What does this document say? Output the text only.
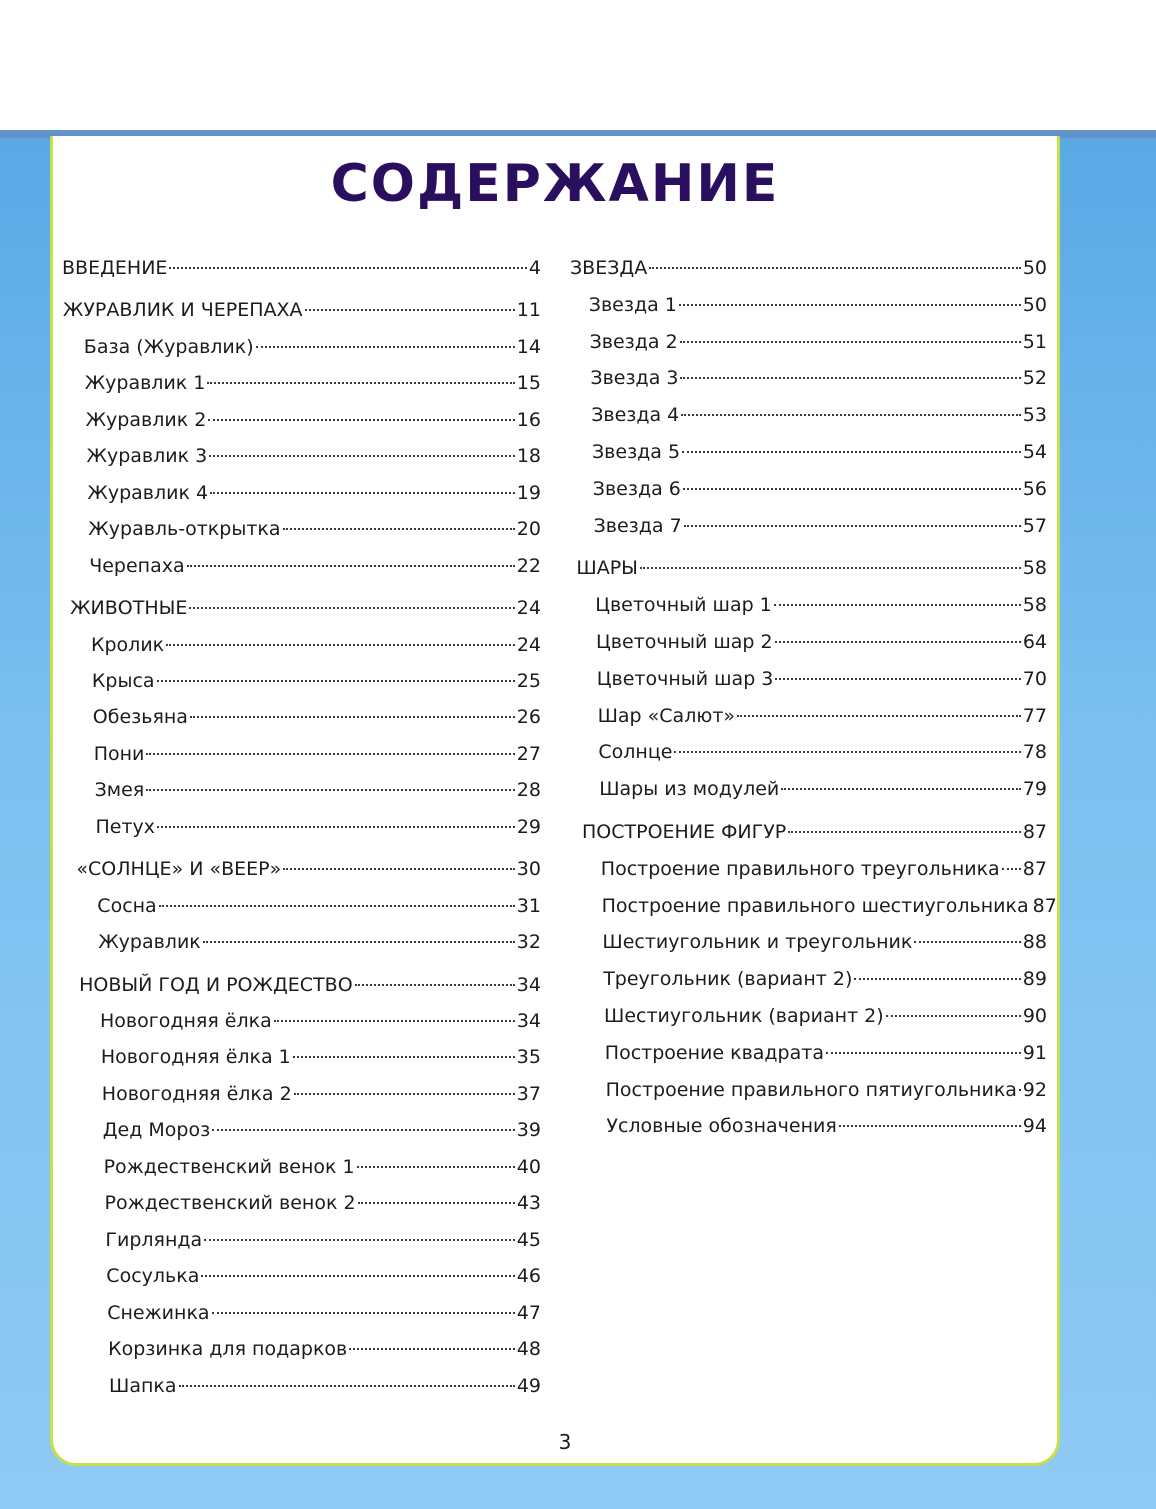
СОДЕРЖАНИЕ
ВВЕДЕНИЕ	4
ЖУРАВЛИК И ЧЕРЕПАХА	11
База (Журавлик)	14
Журавлик 1	15
Журавлик 2	16
Журавлик 3	18
Журавлик 4	19
Журавль-открытка	20
Черепаха	22
ЖИВОТНЫЕ	24
Кролик	24
Крыса	25
Обезьяна	26
Пони	27
Змея	28
Петух	29
«СОЛНЦЕ» И «ВЕЕР»	30
Сосна	31
Журавлик	32
НОВЫЙ ГОД И РОЖДЕСТВО	34
Новогодняя ёлка	34
Новогодняя ёлка 1	35
Новогодняя ёлка 2	37
Дед Мороз	39
Рождественский венок 1	40
Рождественский венок 2	43
Гирлянда	45
Сосулька	46
Снежинка	47
Корзинка для подарков	48
Шапка	49
ЗВЕЗДА	50
Звезда 1	50
Звезда 2	51
Звезда 3	52
Звезда 4	53
Звезда 5	54
Звезда 6	56
Звезда 7	57
ШАРЫ	58
Цветочный шар 1	58
Цветочный шар 2	64
Цветочный шар 3	70
Шар «Салют»	77
Солнце	78
Шары из модулей	79
ПОСТРОЕНИЕ ФИГУР	87
Построение правильного треугольника 87
Построение правильного шестиугольника 87
Шестиугольник и треугольник	88
Треугольник (вариант 2)	89
Шестиугольник (вариант 2)	90
Построение квадрата	91
Построение правильного пятиугольника 92
Условные обозначения	94
3
